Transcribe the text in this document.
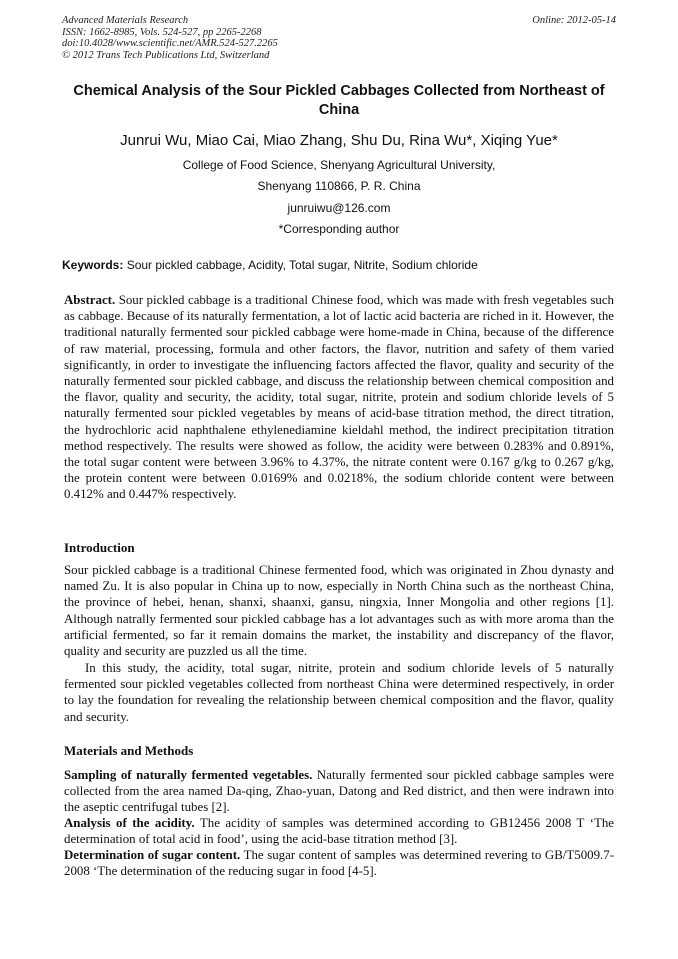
Advanced Materials Research
ISSN: 1662-8985, Vols. 524-527, pp 2265-2268
doi:10.4028/www.scientific.net/AMR.524-527.2265
© 2012 Trans Tech Publications Ltd, Switzerland
Online: 2012-05-14
Chemical Analysis of the Sour Pickled Cabbages Collected from Northeast of China
Junrui Wu, Miao Cai, Miao Zhang, Shu Du, Rina Wu*, Xiqing Yue*
College of Food Science, Shenyang Agricultural University,
Shenyang 110866, P. R. China
junruiwu@126.com
*Corresponding author
Keywords: Sour pickled cabbage, Acidity, Total sugar, Nitrite, Sodium chloride

Abstract. Sour pickled cabbage is a traditional Chinese food, which was made with fresh vegetables such as cabbage. Because of its naturally fermentation, a lot of lactic acid bacteria are riched in it. However, the traditional naturally fermented sour pickled cabbage were home-made in China, because of the difference of raw material, processing, formula and other factors, the flavor, nutrition and safety of them varied significantly, in order to investigate the influencing factors affected the flavor, quality and security of the naturally fermented sour pickled cabbage, and discuss the relationship between chemical composition and the flavor, quality and security, the acidity, total sugar, nitrite, protein and sodium chloride levels of 5 naturally fermented sour pickled vegetables by means of acid-base titration method, the direct titration, the hydrochloric acid naphthalene ethylenediamine kieldahl method, the indirect precipitation titration method respectively. The results were showed as follow, the acidity were between 0.283% and 0.891%, the total sugar content were between 3.96% to 4.37%, the nitrate content were 0.167 g/kg to 0.267 g/kg, the protein content were between 0.0169% and 0.0218%, the sodium chloride content were between 0.412% and 0.447% respectively.

Introduction

Sour pickled cabbage is a traditional Chinese fermented food, which was originated in Zhou dynasty and named Zu. It is also popular in China up to now, especially in North China such as the northeast China, the province of hebei, henan, shanxi, shaanxi, gansu, ningxia, Inner Mongolia and other regions [1]. Although natrally fermented sour pickled cabbage has a lot advantages such as with more aroma than the artificial fermented, so far it remain domains the market, the instability and discrepancy of the flavor, quality and security are puzzled us all the time.

In this study, the acidity, total sugar, nitrite, protein and sodium chloride levels of 5 naturally fermented sour pickled vegetables collected from northeast China were determined respectively, in order to lay the foundation for revealing the relationship between chemical composition and the flavor, quality and security.

Materials and Methods

Sampling of naturally fermented vegetables. Naturally fermented sour pickled cabbage samples were collected from the area named Da-qing, Zhao-yuan, Datong and Red district, and then were indrawn into the aseptic centrifugal tubes [2].

Analysis of the acidity. The acidity of samples was determined according to GB12456 2008 T ‘The determination of total acid in food’, using the acid-base titration method [3].

Determination of sugar content. The sugar content of samples was determined revering to GB/T5009.7-2008 ‘The determination of the reducing sugar in food [4-5].
